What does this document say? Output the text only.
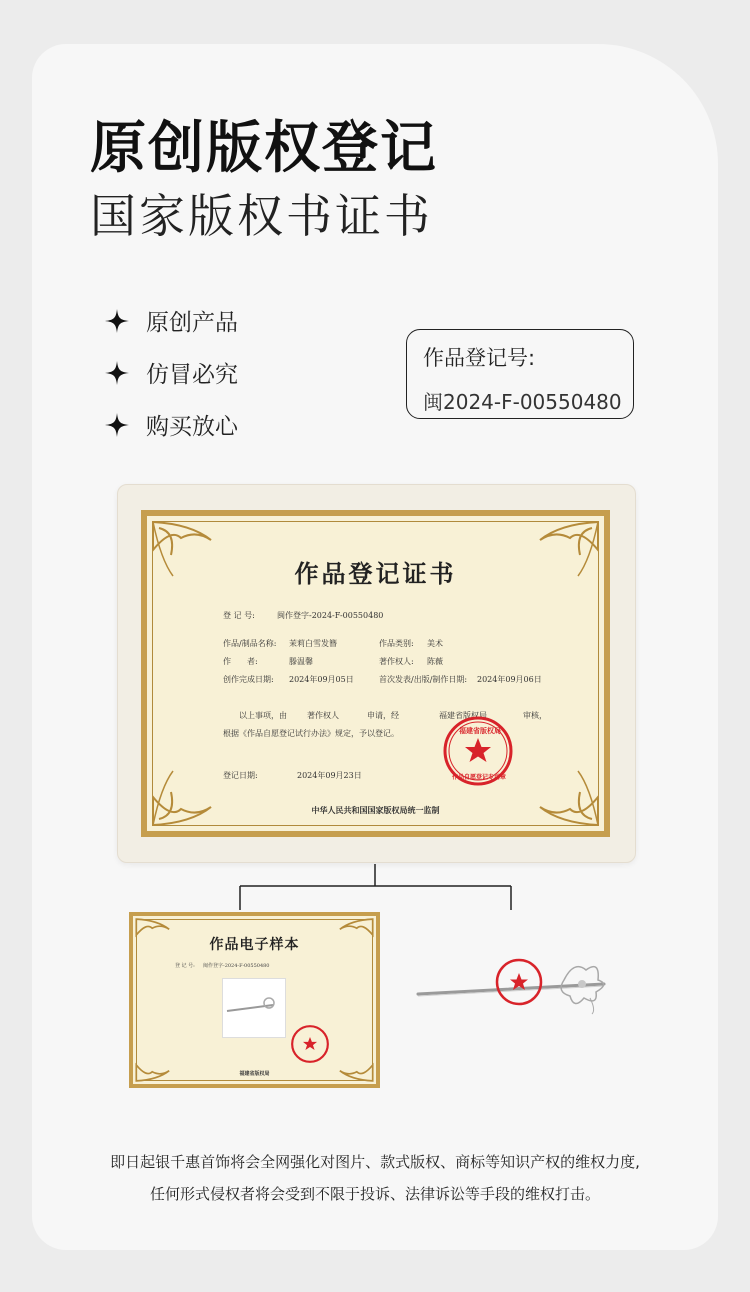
原创版权登记
国家版权书证书
原创产品
仿冒必究
购买放心
作品登记号:
闽2024-F-00550480
作品登记证书
登 记 号:	闽作登字-2024-F-00550480
作品/制品名称: 茉莉白雪发簪	作品类别: 美术
作　　者:	滕温馨	著作权人: 陈薇
创作完成日期: 2024年09月05日	首次发表/出版/制作日期: 2024年09月06日
以上事项，由	著作权人	申请，经	福建省版权局	审核，
根据《作品自愿登记试行办法》规定，予以登记。
登记日期:	2024年09月23日
福建省版权局
作品自愿登记专用章
中华人民共和国国家版权局统一监制
作品电子样本
登 记 号: 闽作登字-2024-F-00550480
福建省版权局
即日起银千惠首饰将会全网强化对图片、款式版权、商标等知识产权的维权力度,
任何形式侵权者将会受到不限于投诉、法律诉讼等手段的维权打击。
